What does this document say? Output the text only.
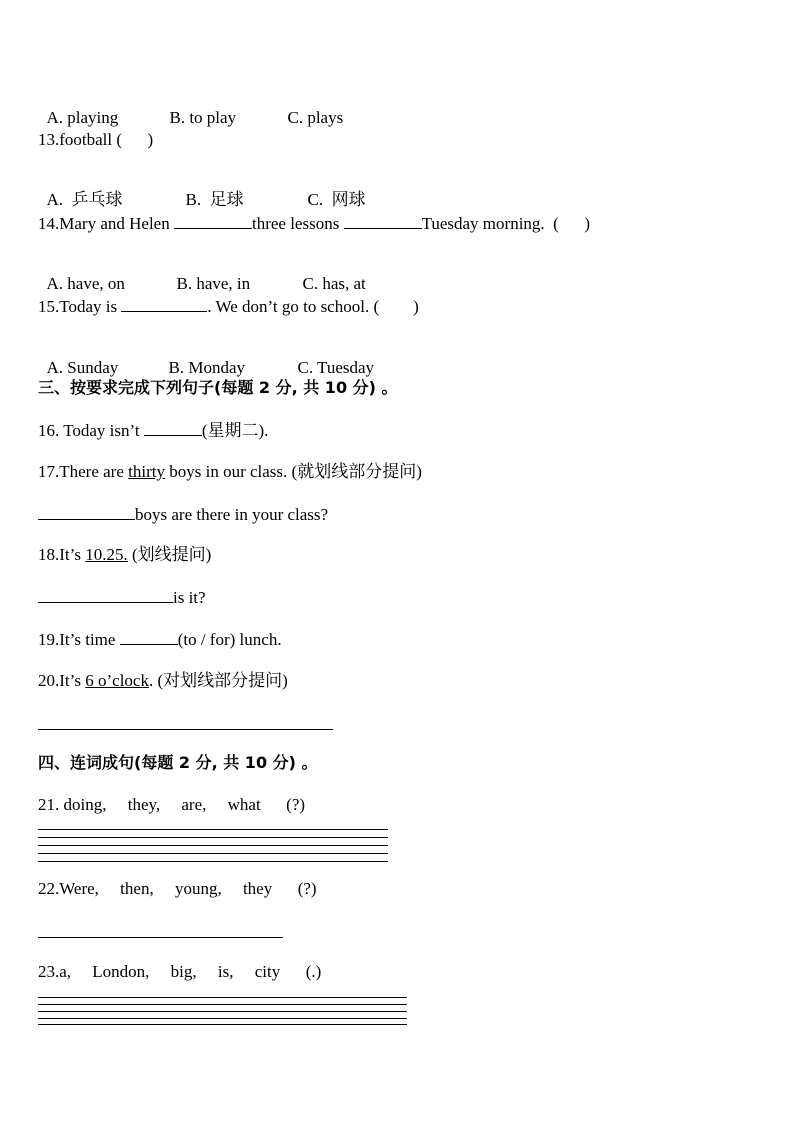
A. playing	B. to play	C. plays

13.football (      )

A.  乒乓球	B.  足球	C.  网球

14.Mary and Helen	three lessons	Tuesday morning.  (      )

A. have, on	B. have, in	C. has, at

15.Today is	. We don’t go to school. (        )

A. Sunday	B. Monday	C. Tuesday

三、按要求完成下列句子(每题 2 分, 共 10 分) 。
16. Today isn’t	(星期二).
17.There are thirty boys in our class. (就划线部分提问)
boys are there in your class?
18.It’s 10.25. (划线提问)
is it?
19.It’s time	(to / for) lunch.
20.It’s 6 o’clock. (对划线部分提问)
四、连词成句(每题 2 分, 共 10 分) 。
21. doing,     they,     are,     what      (?)
22.Were,     then,     young,     they      (?)
23.a,     London,     big,     is,     city      (.)
